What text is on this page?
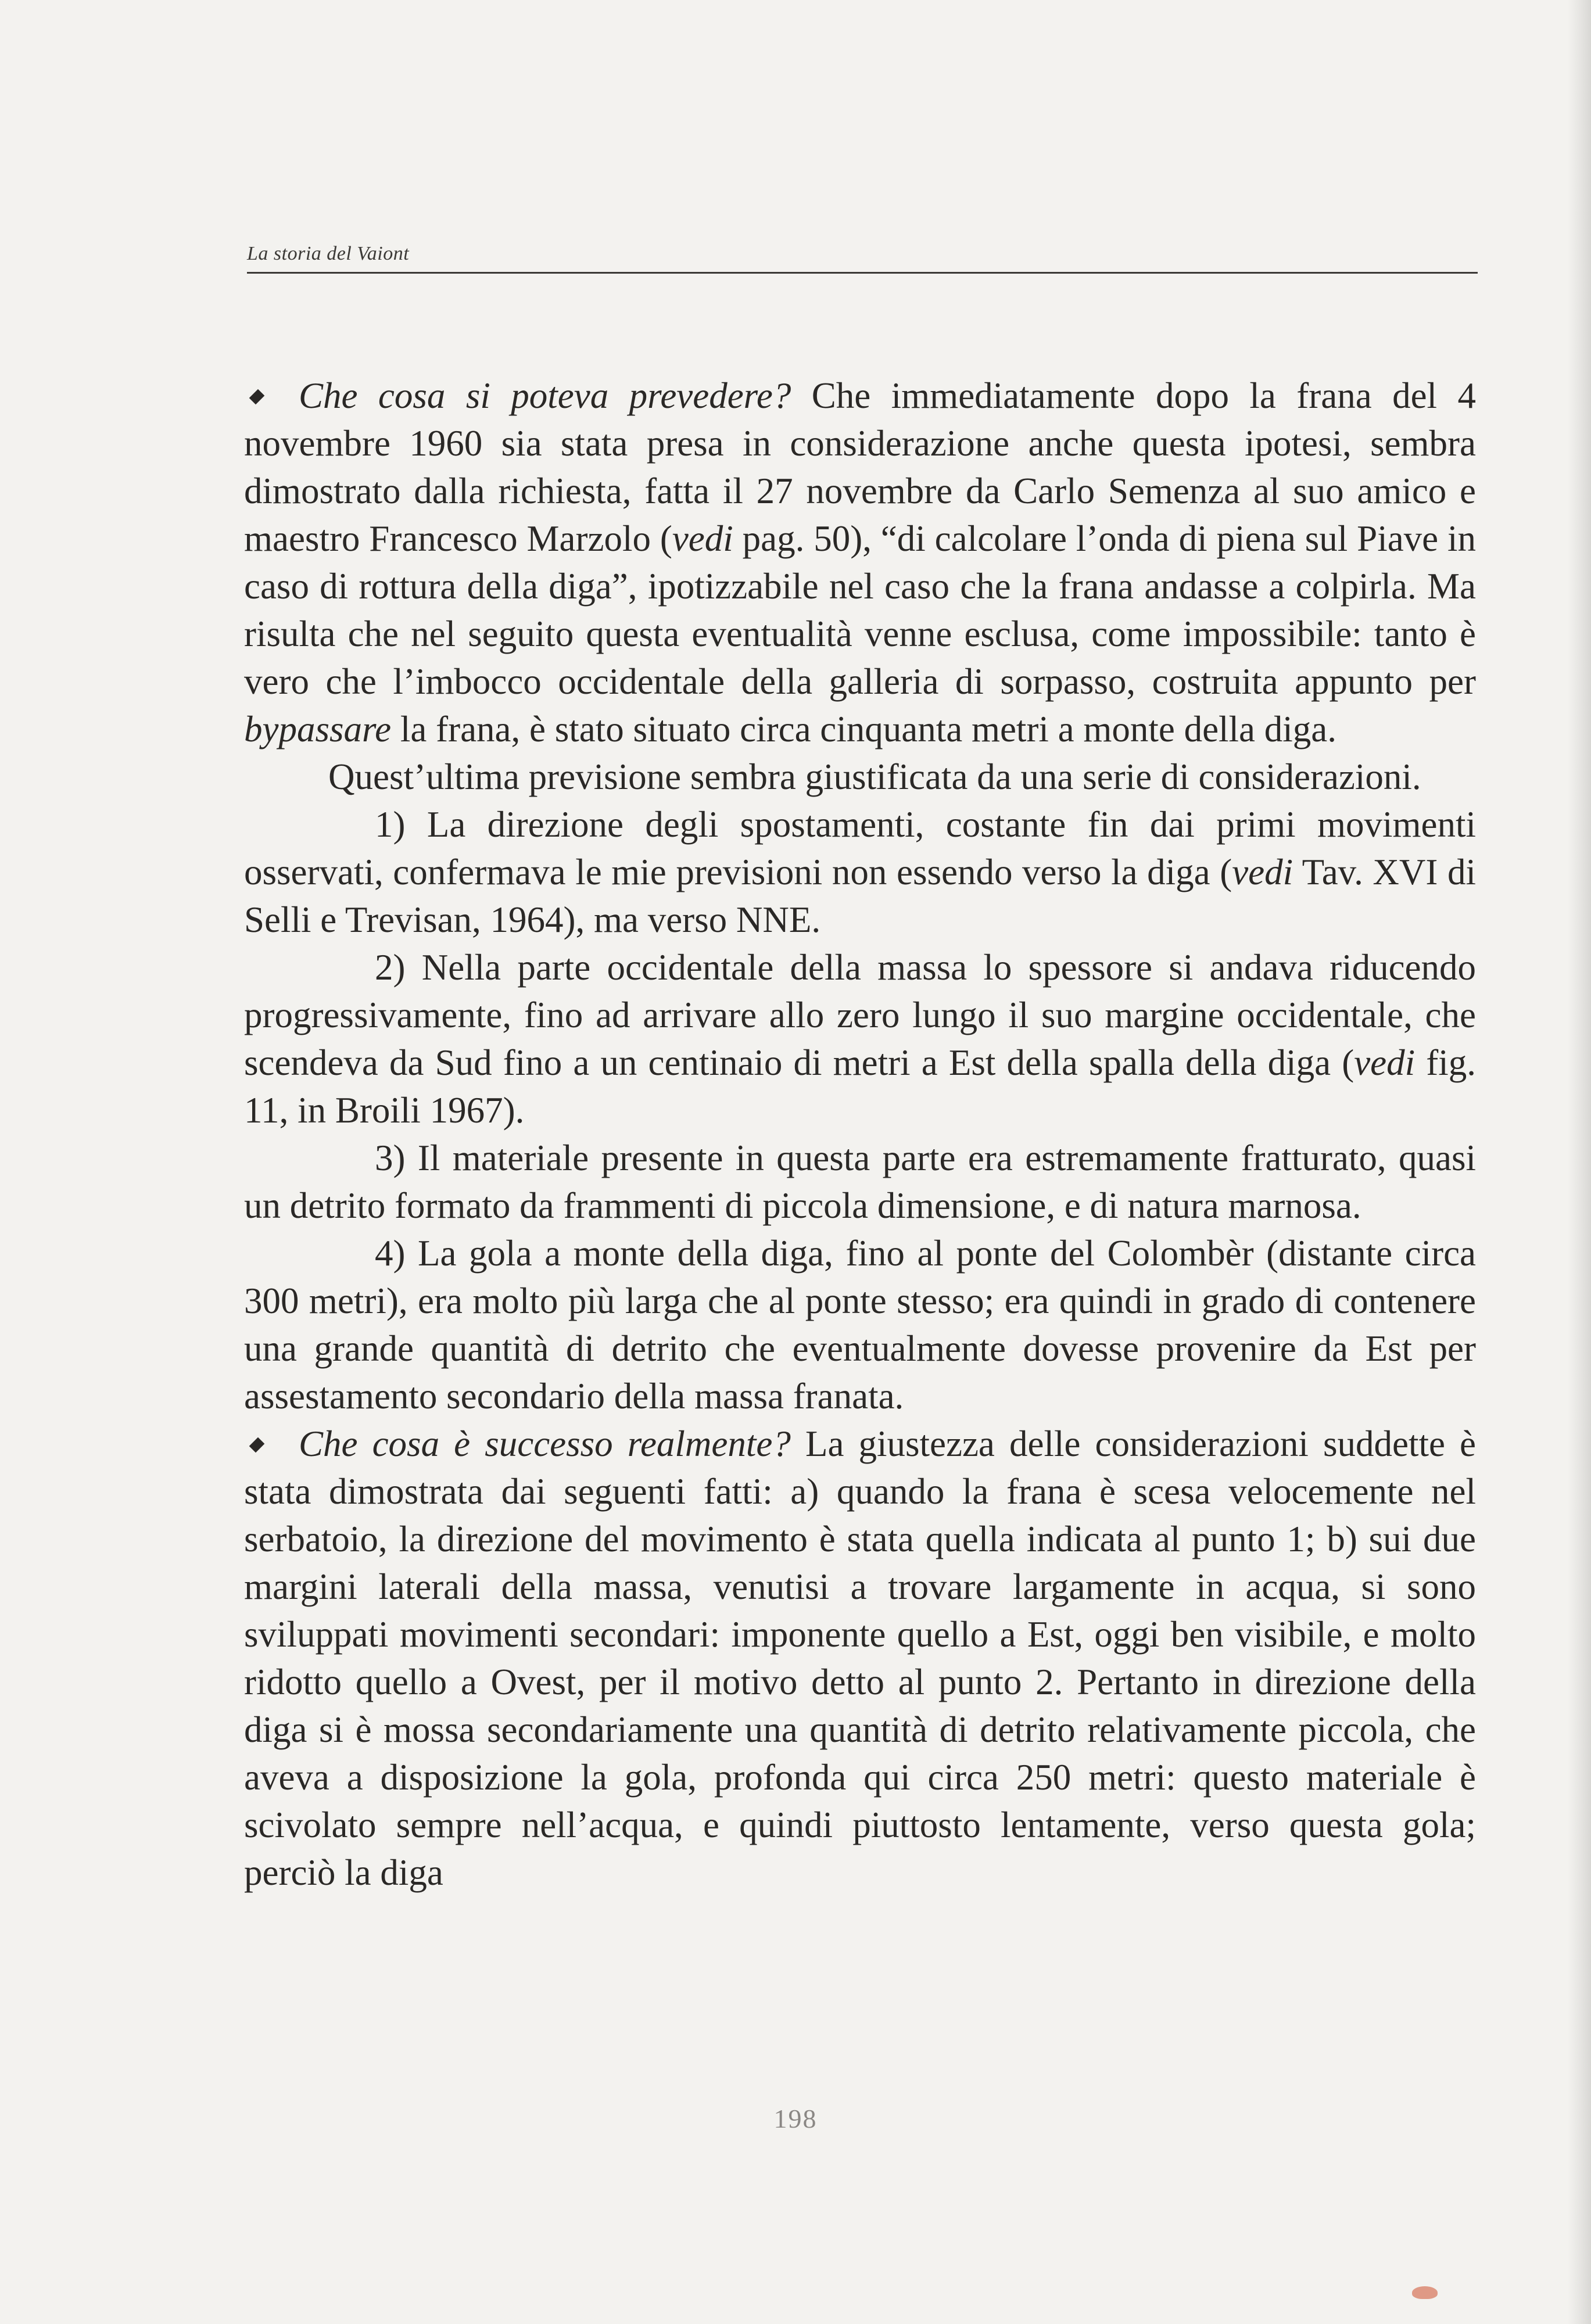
La storia del Vaiont

Che cosa si poteva prevedere? Che immediatamente dopo la frana del 4 novembre 1960 sia stata presa in considerazione anche questa ipotesi, sembra dimostrato dalla richiesta, fatta il 27 novembre da Carlo Semenza al suo amico e maestro Francesco Marzolo (vedi pag. 50), “di calcolare l’onda di piena sul Piave in caso di rottura della diga”, ipotizzabile nel caso che la frana andasse a colpirla. Ma risulta che nel seguito questa eventualità venne esclusa, come impossibile: tanto è vero che l’imbocco occidentale della galleria di sorpasso, costruita appunto per bypassare la frana, è stato situato circa cinquanta metri a monte della diga.

Quest’ultima previsione sembra giustificata da una serie di considerazioni.

1) La direzione degli spostamenti, costante fin dai primi movimenti osservati, confermava le mie previsioni non essendo verso la diga (vedi Tav. XVI di Selli e Trevisan, 1964), ma verso NNE.

2) Nella parte occidentale della massa lo spessore si andava riducendo progressivamente, fino ad arrivare allo zero lungo il suo margine occidentale, che scendeva da Sud fino a un centinaio di metri a Est della spalla della diga (vedi fig. 11, in Broili 1967).

3) Il materiale presente in questa parte era estremamente fratturato, quasi un detrito formato da frammenti di piccola dimensione, e di natura marnosa.

4) La gola a monte della diga, fino al ponte del Colombèr (distante circa 300 metri), era molto più larga che al ponte stesso; era quindi in grado di contenere una grande quantità di detrito che eventualmente dovesse provenire da Est per assestamento secondario della massa franata.

Che cosa è successo realmente? La giustezza delle considerazioni suddette è stata dimostrata dai seguenti fatti: a) quando la frana è scesa velocemente nel serbatoio, la direzione del movimento è stata quella indicata al punto 1; b) sui due margini laterali della massa, venutisi a trovare largamente in acqua, si sono sviluppati movimenti secondari: imponente quello a Est, oggi ben visibile, e molto ridotto quello a Ovest, per il motivo detto al punto 2. Pertanto in direzione della diga si è mossa secondariamente una quantità di detrito relativamente piccola, che aveva a disposizione la gola, profonda qui circa 250 metri: questo materiale è scivolato sempre nell’acqua, e quindi piuttosto lentamente, verso questa gola; perciò la diga

198
